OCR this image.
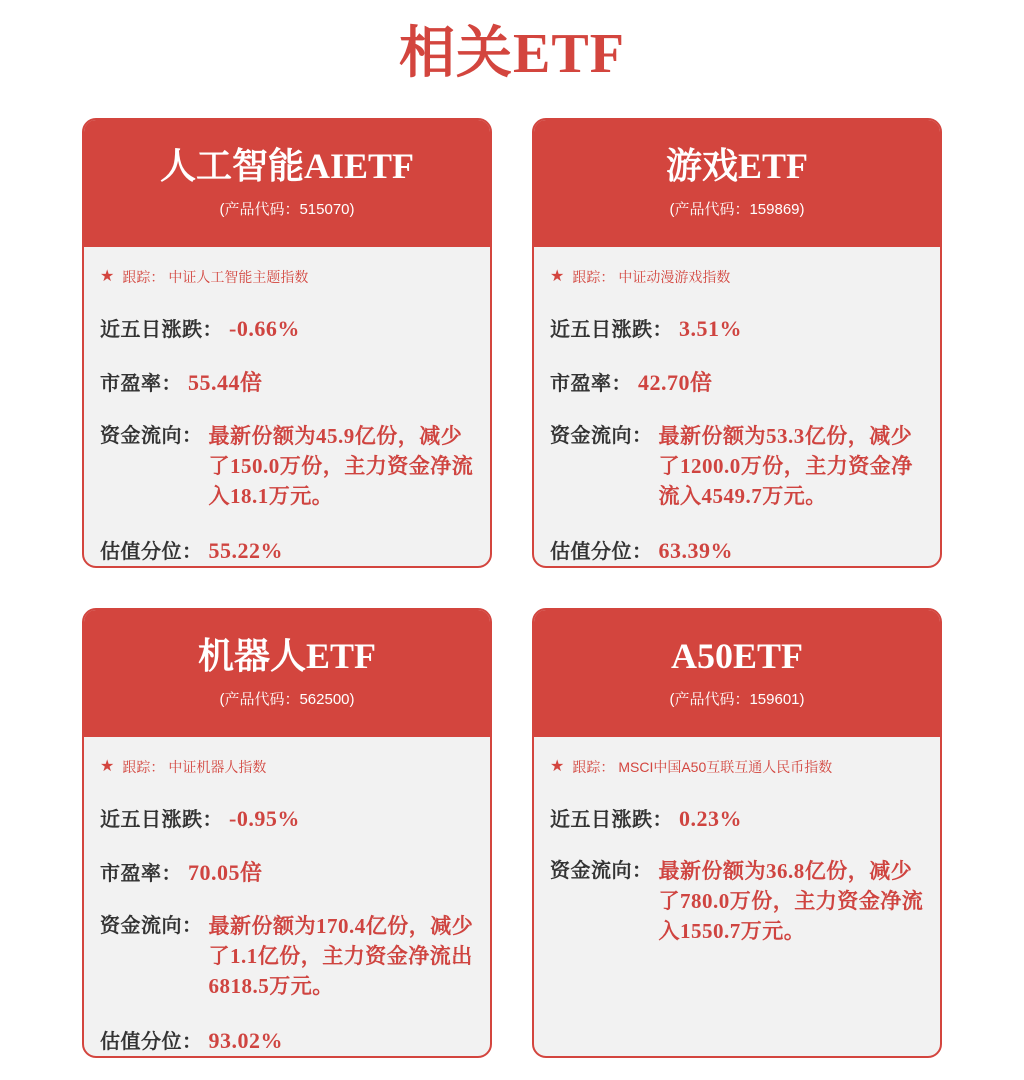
相关ETF
人工智能AIETF
(产品代码：515070)
★ 跟踪： 中证人工智能主题指数
近五日涨跌： -0.66%
市盈率： 55.44倍
资金流向： 最新份额为45.9亿份，减少了150.0万份，主力资金净流入18.1万元。
估值分位： 55.22%
游戏ETF
(产品代码：159869)
★ 跟踪： 中证动漫游戏指数
近五日涨跌： 3.51%
市盈率： 42.70倍
资金流向： 最新份额为53.3亿份，减少了1200.0万份，主力资金净流入4549.7万元。
估值分位： 63.39%
机器人ETF
(产品代码：562500)
★ 跟踪： 中证机器人指数
近五日涨跌： -0.95%
市盈率： 70.05倍
资金流向： 最新份额为170.4亿份，减少了1.1亿份，主力资金净流出6818.5万元。
估值分位： 93.02%
A50ETF
(产品代码：159601)
★ 跟踪： MSCI中国A50互联互通人民币指数
近五日涨跌： 0.23%
资金流向： 最新份额为36.8亿份，减少了780.0万份，主力资金净流入1550.7万元。
